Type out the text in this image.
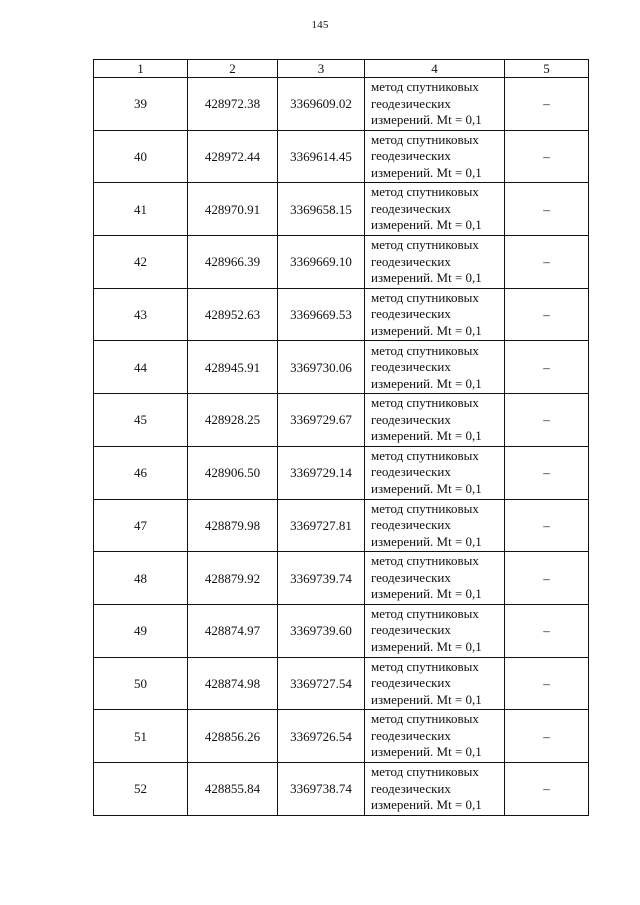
145
1	2	3	4	5
39	428972.38	3369609.02	метод спутниковых
геодезических
измерений. Mt = 0,1	–
40	428972.44	3369614.45	метод спутниковых
геодезических
измерений. Mt = 0,1	–
41	428970.91	3369658.15	метод спутниковых
геодезических
измерений. Mt = 0,1	–
42	428966.39	3369669.10	метод спутниковых
геодезических
измерений. Mt = 0,1	–
43	428952.63	3369669.53	метод спутниковых
геодезических
измерений. Mt = 0,1	–
44	428945.91	3369730.06	метод спутниковых
геодезических
измерений. Mt = 0,1	–
45	428928.25	3369729.67	метод спутниковых
геодезических
измерений. Mt = 0,1	–
46	428906.50	3369729.14	метод спутниковых
геодезических
измерений. Mt = 0,1	–
47	428879.98	3369727.81	метод спутниковых
геодезических
измерений. Mt = 0,1	–
48	428879.92	3369739.74	метод спутниковых
геодезических
измерений. Mt = 0,1	–
49	428874.97	3369739.60	метод спутниковых
геодезических
измерений. Mt = 0,1	–
50	428874.98	3369727.54	метод спутниковых
геодезических
измерений. Mt = 0,1	–
51	428856.26	3369726.54	метод спутниковых
геодезических
измерений. Mt = 0,1	–
52	428855.84	3369738.74	метод спутниковых
геодезических
измерений. Mt = 0,1	–
